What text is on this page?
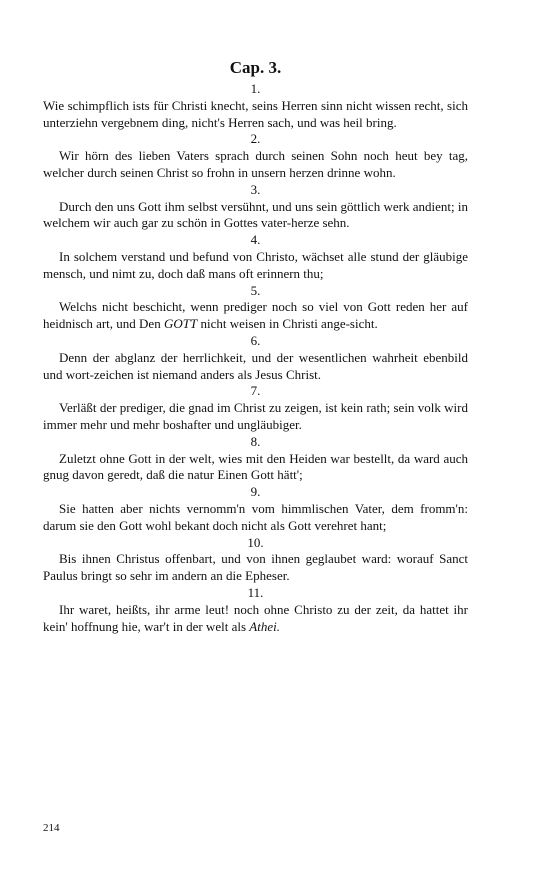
Cap. 3.
1.

Wie schimpflich ists für Christi knecht, seins Herren sinn nicht wissen recht, sich unterziehn vergebnem ding, nicht's Herren sach, und was heil bring.

2.

Wir hörn des lieben Vaters sprach durch seinen Sohn noch heut bey tag, welcher durch seinen Christ so frohn in unsern herzen drinne wohn.

3.

Durch den uns Gott ihm selbst versühnt, und uns sein göttlich werk andient; in welchem wir auch gar zu schön in Gottes vater-herze sehn.

4.

In solchem verstand und befund von Christo, wächset alle stund der gläubige mensch, und nimt zu, doch daß mans oft erinnern thu;

5.

Welchs nicht beschicht, wenn prediger noch so viel von Gott reden her auf heidnisch art, und Den GOTT nicht weisen in Christi ange-sicht.

6.

Denn der abglanz der herrlichkeit, und der wesentlichen wahrheit ebenbild und wort-zeichen ist niemand anders als Jesus Christ.

7.

Verläßt der prediger, die gnad im Christ zu zeigen, ist kein rath; sein volk wird immer mehr und mehr boshafter und ungläubiger.

8.

Zuletzt ohne Gott in der welt, wies mit den Heiden war bestellt, da ward auch gnug davon geredt, daß die natur Einen Gott hätt';

9.

Sie hatten aber nichts vernomm'n vom himmlischen Vater, dem fromm'n: darum sie den Gott wohl bekant doch nicht als Gott verehret hant;

10.

Bis ihnen Christus offenbart, und von ihnen geglaubet ward: worauf Sanct Paulus bringt so sehr im andern an die Epheser.

11.

Ihr waret, heißts, ihr arme leut! noch ohne Christo zu der zeit, da hattet ihr kein' hoffnung hie, war't in der welt als Athei.

214
